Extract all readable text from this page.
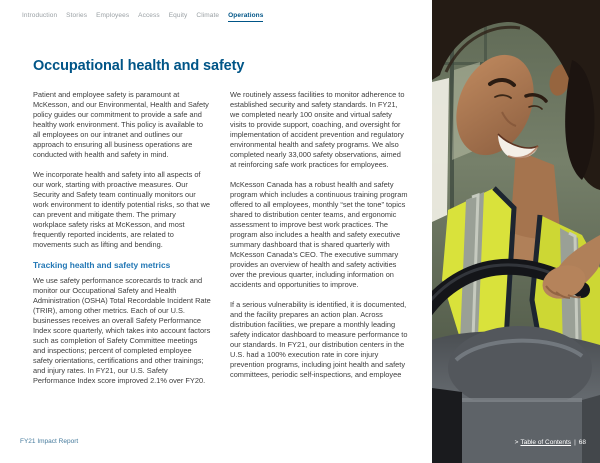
Introduction Stories Employees Access Equity Climate Operations
Occupational health and safety

Patient and employee safety is paramount at McKesson, and our Environmental, Health and Safety policy guides our commitment to provide a safe and healthy work environment. This policy is available to all employees on our intranet and outlines our approach to ensuring all business operations are conducted with health and safety in mind.

We incorporate health and safety into all aspects of our work, starting with proactive measures. Our Security and Safety team continually monitors our work environment to identify potential risks, so that we can prevent and mitigate them. The primary workplace safety risks at McKesson, and most frequently reported incidents, are related to movements such as lifting and bending.

Tracking health and safety metrics

We use safety performance scorecards to track and monitor our Occupational Safety and Health Administration (OSHA) Total Recordable Incident Rate (TRIR), among other metrics. Each of our U.S. businesses receives an overall Safety Performance Index score quarterly, which takes into account factors such as completion of Safety Committee meetings and inspections; percent of completed employee safety orientations, certifications and other trainings; and injury rates. In FY21, our U.S. Safety Performance Index score improved 2.1% over FY20.

We routinely assess facilities to monitor adherence to established security and safety standards. In FY21, we completed nearly 100 onsite and virtual safety visits to provide support, coaching, and oversight for implementation of accident prevention and regulatory environmental health and safety programs. We also completed nearly 33,000 safety observations, aimed at reinforcing safe work practices for employees.

McKesson Canada has a robust health and safety program which includes a continuous training program offered to all employees, monthly “set the tone” topics shared to distribution center teams, and ergonomic assessment to improve best work practices. The program also includes a health and safety executive summary dashboard that is shared quarterly with McKesson Canada’s CEO. The executive summary provides an overview of health and safety activities over the previous quarter, including information on accidents and opportunities to improve.

If a serious vulnerability is identified, it is documented, and the facility prepares an action plan. Across distribution facilities, we prepare a monthly leading safety indicator dashboard to measure performance to our standards. In FY21, our distribution centers in the U.S. had a 100% execution rate in core injury prevention programs, including joint health and safety committees, periodic self-inspections, and employee

> Table of Contents | 68
FY21 Impact Report
